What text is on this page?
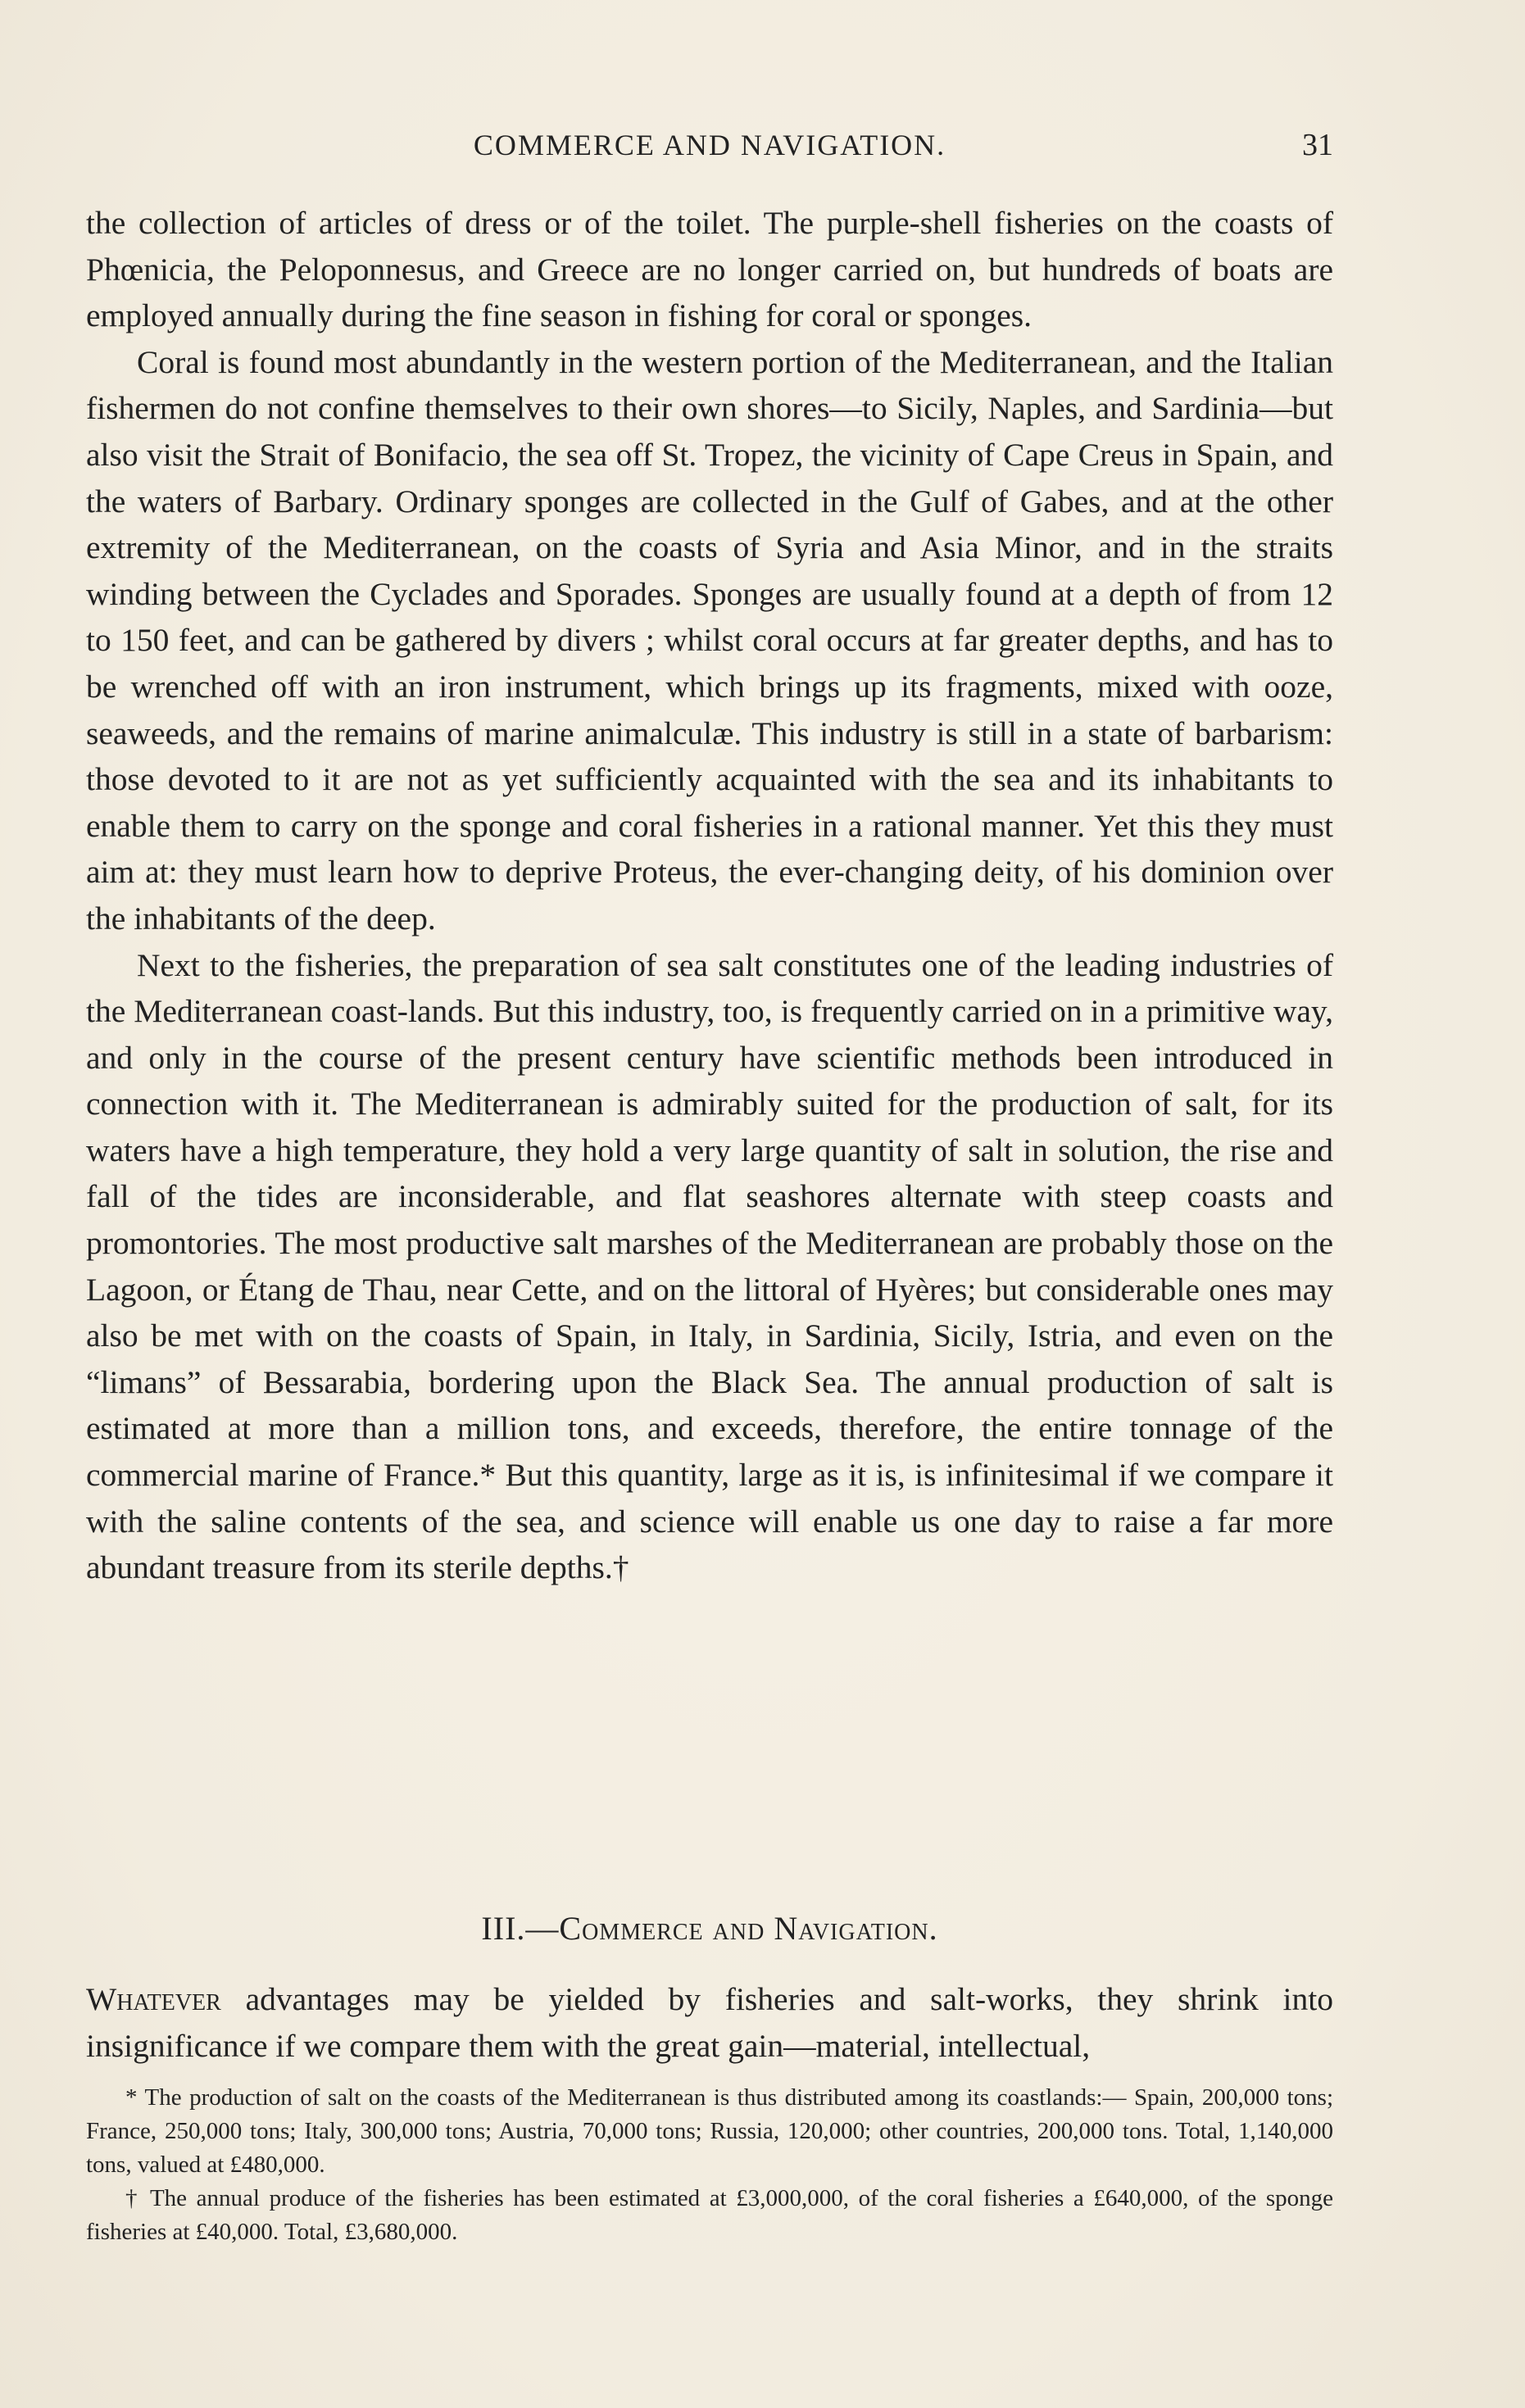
COMMERCE AND NAVIGATION.	31

the collection of articles of dress or of the toilet. The purple-shell fisheries on the coasts of Phœnicia, the Peloponnesus, and Greece are no longer carried on, but hundreds of boats are employed annually during the fine season in fishing for coral or sponges.

Coral is found most abundantly in the western portion of the Mediterranean, and the Italian fishermen do not confine themselves to their own shores—to Sicily, Naples, and Sardinia—but also visit the Strait of Bonifacio, the sea off St. Tropez, the vicinity of Cape Creus in Spain, and the waters of Barbary. Ordinary sponges are collected in the Gulf of Gabes, and at the other extremity of the Mediterranean, on the coasts of Syria and Asia Minor, and in the straits winding between the Cyclades and Sporades. Sponges are usually found at a depth of from 12 to 150 feet, and can be gathered by divers ; whilst coral occurs at far greater depths, and has to be wrenched off with an iron instrument, which brings up its fragments, mixed with ooze, seaweeds, and the remains of marine animalculæ. This industry is still in a state of barbarism: those devoted to it are not as yet sufficiently acquainted with the sea and its inhabitants to enable them to carry on the sponge and coral fisheries in a rational manner. Yet this they must aim at: they must learn how to deprive Proteus, the ever-changing deity, of his dominion over the inhabitants of the deep.

Next to the fisheries, the preparation of sea salt constitutes one of the leading industries of the Mediterranean coast-lands. But this industry, too, is frequently carried on in a primitive way, and only in the course of the present century have scientific methods been introduced in connection with it. The Mediterranean is admirably suited for the production of salt, for its waters have a high temperature, they hold a very large quantity of salt in solution, the rise and fall of the tides are inconsiderable, and flat seashores alternate with steep coasts and promontories. The most productive salt marshes of the Mediterranean are probably those on the Lagoon, or Étang de Thau, near Cette, and on the littoral of Hyères; but considerable ones may also be met with on the coasts of Spain, in Italy, in Sardinia, Sicily, Istria, and even on the “limans” of Bessarabia, bordering upon the Black Sea. The annual production of salt is estimated at more than a million tons, and exceeds, therefore, the entire tonnage of the commercial marine of France.* But this quantity, large as it is, is infinitesimal if we compare it with the saline contents of the sea, and science will enable us one day to raise a far more abundant treasure from its sterile depths.†

III.—Commerce and Navigation.

Whatever advantages may be yielded by fisheries and salt-works, they shrink into insignificance if we compare them with the great gain—material, intellectual,

* The production of salt on the coasts of the Mediterranean is thus distributed among its coastlands:— Spain, 200,000 tons; France, 250,000 tons; Italy, 300,000 tons; Austria, 70,000 tons; Russia, 120,000; other countries, 200,000 tons. Total, 1,140,000 tons, valued at £480,000.

† The annual produce of the fisheries has been estimated at £3,000,000, of the coral fisheries a £640,000, of the sponge fisheries at £40,000. Total, £3,680,000.
